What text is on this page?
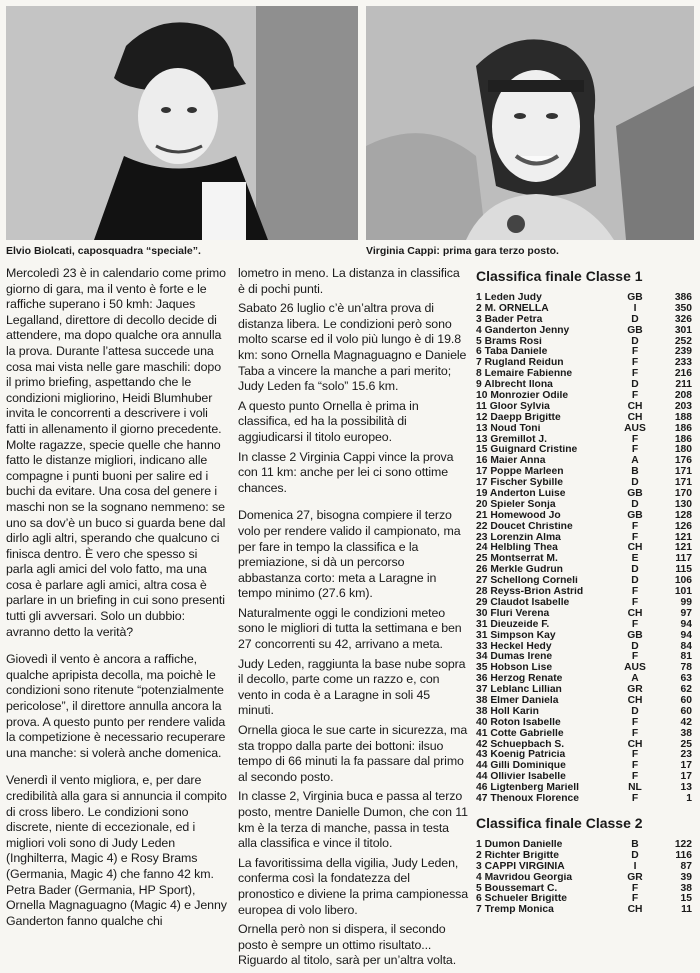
Elvio Biolcati, caposquadra “speciale”.	Virginia Cappi: prima gara terzo posto.

Mercoledì 23 è in calendario come primo giorno di gara, ma il vento è forte e le raffiche superano i 50 kmh: Jaques Legalland, direttore di decollo decide di attendere, ma dopo qualche ora annulla la prova. Durante l’attesa succede una cosa mai vista nelle gare maschili: dopo il primo briefing, aspettando che le condizioni migliorino, Heidi Blumhuber invita le concorrenti a descrivere i voli fatti in allenamento il giorno precedente. Molte ragazze, specie quelle che hanno fatto le distanze migliori, indicano alle compagne i punti buoni per salire ed i buchi da evitare. Una cosa del genere i maschi non se la sognano nemmeno: se uno sa dov’è un buco si guarda bene dal dirlo agli altri, sperando che qualcuno ci finisca dentro. È vero che spesso si parla agli amici del volo fatto, ma una cosa è parlare agli amici, altra cosa è parlare in un briefing in cui sono presenti tutti gli avversari. Solo un dubbio: avranno detto la verità?

Giovedì il vento è ancora a raffiche, qualche apripista decolla, ma poichè le condizioni sono ritenute “potenzialmente pericolose”, il direttore annulla ancora la prova. A questo punto per rendere valida la competizione è necessario recuperare una manche: si volerà anche domenica.

Venerdì il vento migliora, e, per dare credibilità alla gara si annuncia il compito di cross libero. Le condizioni sono discrete, niente di eccezionale, ed i migliori voli sono di Judy Leden (Inghilterra, Magic 4) e Rosy Brams (Germania, Magic 4) che fanno 42 km. Petra Bader (Germania, HP Sport), Ornella Magnaguagno (Magic 4) e Jenny Ganderton fanno qualche chi

lometro in meno. La distanza in classifica è di pochi punti.

Sabato 26 luglio c’è un’altra prova di distanza libera. Le condizioni però sono molto scarse ed il volo più lungo è di 19.8 km: sono Ornella Magnaguagno e Daniele Taba a vincere la manche a pari merito; Judy Leden fa “solo” 15.6 km.

A questo punto Ornella è prima in classifica, ed ha la possibilità di aggiudicarsi il titolo europeo.

In classe 2 Virginia Cappi vince la prova con 11 km: anche per lei ci sono ottime chances.

Domenica 27, bisogna compiere il terzo volo per rendere valido il campionato, ma per fare in tempo la classifica e la premiazione, si dà un percorso abbastanza corto: meta a Laragne in tempo minimo (27.6 km).

Naturalmente oggi le condizioni meteo sono le migliori di tutta la settimana e ben 27 concorrenti su 42, arrivano a meta.

Judy Leden, raggiunta la base nube sopra il decollo, parte come un razzo e, con vento in coda è a Laragne in soli 45 minuti.

Ornella gioca le sue carte in sicurezza, ma sta troppo dalla parte dei bottoni: ilsuo tempo di 66 minuti la fa passare dal primo al secondo posto.

In classe 2, Virginia buca e passa al terzo posto, mentre Danielle Dumon, che con 11 km è la terza di manche, passa in testa alla classifica e vince il titolo.

La favoritissima della vigilia, Judy Leden, conferma così la fondatezza del pronostico e diviene la prima campionessa europea di volo libero.

Ornella però non si dispera, il secondo posto è sempre un ottimo risultato... Riguardo al titolo, sarà per un’altra volta.

Classifica finale Classe 1
1 Leden Judy	GB	386
2 M. ORNELLA	I	350
3 Bader Petra	D	326
4 Ganderton Jenny	GB	301
5 Brams Rosi	D	252
6 Taba Daniele	F	239
7 Rugland Reidun	F	233
8 Lemaire Fabienne	F	216
9 Albrecht Ilona	D	211
10 Monrozier Odile	F	208
11 Gloor Sylvia	CH	203
12 Daepp Brigitte	CH	188
13 Noud Toni	AUS	186
13 Gremillot J.	F	186
15 Guignard Cristine	F	180
16 Maier Anna	A	176
17 Poppe Marleen	B	171
17 Fischer Sybille	D	171
19 Anderton Luise	GB	170
20 Spieler Sonja	D	130
21 Homewood Jo	GB	128
22 Doucet Christine	F	126
23 Lorenzin Alma	F	121
24 Helbling Thea	CH	121
25 Montserrat M.	E	117
26 Merkle Gudrun	D	115
27 Schellong Corneli	D	106
28 Reyss-Brion Astrid	F	101
29 Claudot Isabelle	F	99
30 Fluri Verena	CH	97
31 Dieuzeide F.	F	94
31 Simpson Kay	GB	94
33 Heckel Hedy	D	84
34 Dumas Irene	F	81
35 Hobson Lise	AUS	78
36 Herzog Renate	A	63
37 Leblanc Lillian	GR	62
38 Elmer Daniela	CH	60
38 Holl Karin	D	60
40 Roton Isabelle	F	42
41 Cotte Gabrielle	F	38
42 Schuepbach S.	CH	25
43 Koenig Patricia	F	23
44 Gilli Dominique	F	17
44 Ollivier Isabelle	F	17
46 Ligtenberg Mariell	NL	13
47 Thenoux Florence	F	1
Classifica finale Classe 2
1 Dumon Danielle	B	122
2 Richter Brigitte	D	116
3 CAPPI VIRGINIA	I	87
4 Mavridou Georgia	GR	39
5 Boussemart C.	F	38
6 Schueler Brigitte	F	15
7 Tremp Monica	CH	11
